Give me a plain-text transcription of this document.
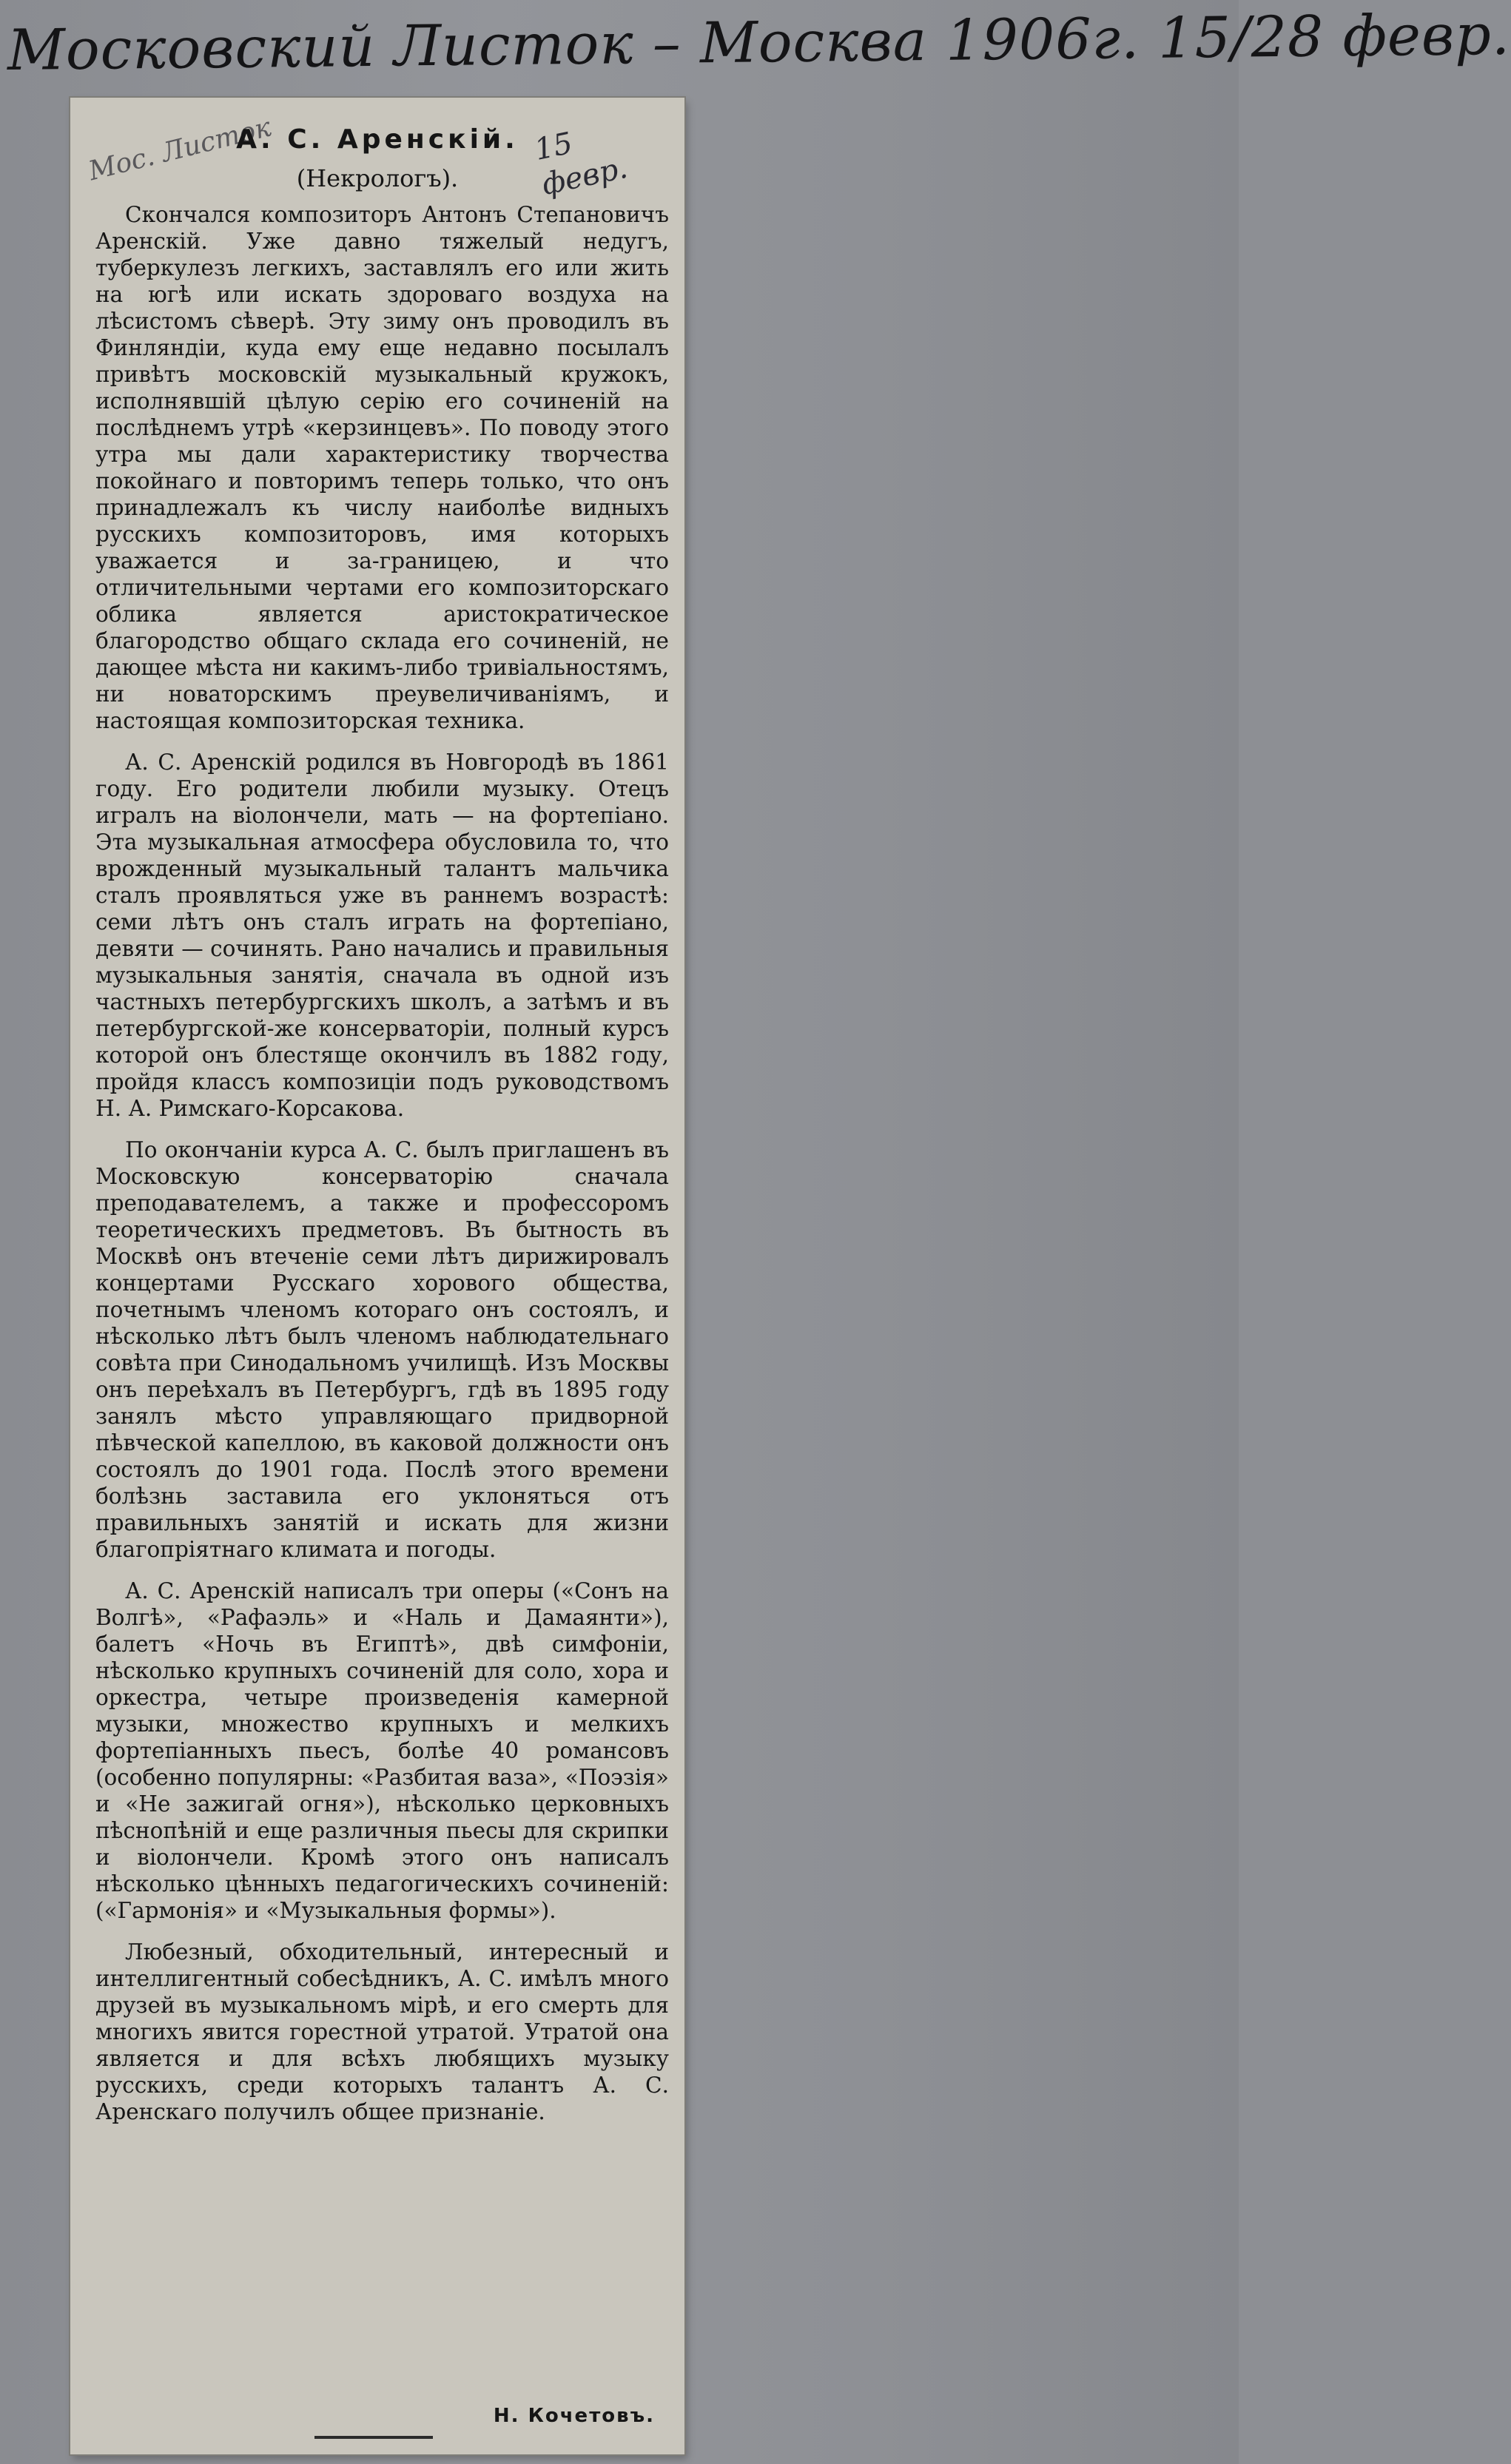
Московский Листок – Москва 1906г. 15/28 февр.
Мос. Листок	15 февр.
А. С. Аренскій.
(Некрологъ).

Скончался композиторъ Антонъ Степановичъ Аренскій. Уже давно тяжелый недугъ, туберкулезъ легкихъ, заставлялъ его или жить на югѣ или искать здороваго воздуха на лѣсистомъ сѣверѣ. Эту зиму онъ проводилъ въ Финляндіи, куда ему еще недавно посылалъ привѣтъ московскій музыкальный кружокъ, исполнявшій цѣлую серію его сочиненій на послѣднемъ утрѣ «керзинцевъ». По поводу этого утра мы дали характеристику творчества покойнаго и повторимъ теперь только, что онъ принадлежалъ къ числу наиболѣе видныхъ русскихъ композиторовъ, имя которыхъ уважается и за-границею, и что отличительными чертами его композиторскаго облика является аристократическое благородство общаго склада его сочиненій, не дающее мѣста ни какимъ-либо тривіальностямъ, ни новаторскимъ преувеличиваніямъ, и настоящая композиторская техника.

А. С. Аренскій родился въ Новгородѣ въ 1861 году. Его родители любили музыку. Отецъ игралъ на віолончели, мать — на фортепіано. Эта музыкальная атмосфера обусловила то, что врожденный музыкальный талантъ мальчика сталъ проявляться уже въ раннемъ возрастѣ: семи лѣтъ онъ сталъ играть на фортепіано, девяти — сочинять. Рано начались и правильныя музыкальныя занятія, сначала въ одной изъ частныхъ петербургскихъ школъ, а затѣмъ и въ петербургской-же консерваторіи, полный курсъ которой онъ блестяще окончилъ въ 1882 году, пройдя классъ композиціи подъ руководствомъ Н. А. Римскаго-Корсакова.

По окончаніи курса А. С. былъ приглашенъ въ Московскую консерваторію сначала преподавателемъ, а также и профессоромъ теоретическихъ предметовъ. Въ бытность въ Москвѣ онъ втеченіе семи лѣтъ дирижировалъ концертами Русскаго хорового общества, почетнымъ членомъ котораго онъ состоялъ, и нѣсколько лѣтъ былъ членомъ наблюдательнаго совѣта при Синодальномъ училищѣ. Изъ Москвы онъ переѣхалъ въ Петербургъ, гдѣ въ 1895 году занялъ мѣсто управляющаго придворной пѣвческой капеллою, въ каковой должности онъ состоялъ до 1901 года. Послѣ этого времени болѣзнь заставила его уклоняться отъ правильныхъ занятій и искать для жизни благопріятнаго климата и погоды.

А. С. Аренскій написалъ три оперы («Сонъ на Волгѣ», «Рафаэль» и «Наль и Дамаянти»), балетъ «Ночь въ Египтѣ», двѣ симфоніи, нѣсколько крупныхъ сочиненій для соло, хора и оркестра, четыре произведенія камерной музыки, множество крупныхъ и мелкихъ фортепіанныхъ пьесъ, болѣе 40 романсовъ (особенно популярны: «Разбитая ваза», «Поэзія» и «Не зажигай огня»), нѣсколько церковныхъ пѣснопѣній и еще различныя пьесы для скрипки и віолончели. Кромѣ этого онъ написалъ нѣсколько цѣнныхъ педагогическихъ сочиненій: («Гармонія» и «Музыкальныя формы»).

Любезный, обходительный, интересный и интеллигентный собесѣдникъ, А. С. имѣлъ много друзей въ музыкальномъ мірѣ, и его смерть для многихъ явится горестной утратой. Утратой она является и для всѣхъ любящихъ музыку русскихъ, среди которыхъ талантъ А. С. Аренскаго получилъ общее признаніе.

Н. Кочетовъ.
